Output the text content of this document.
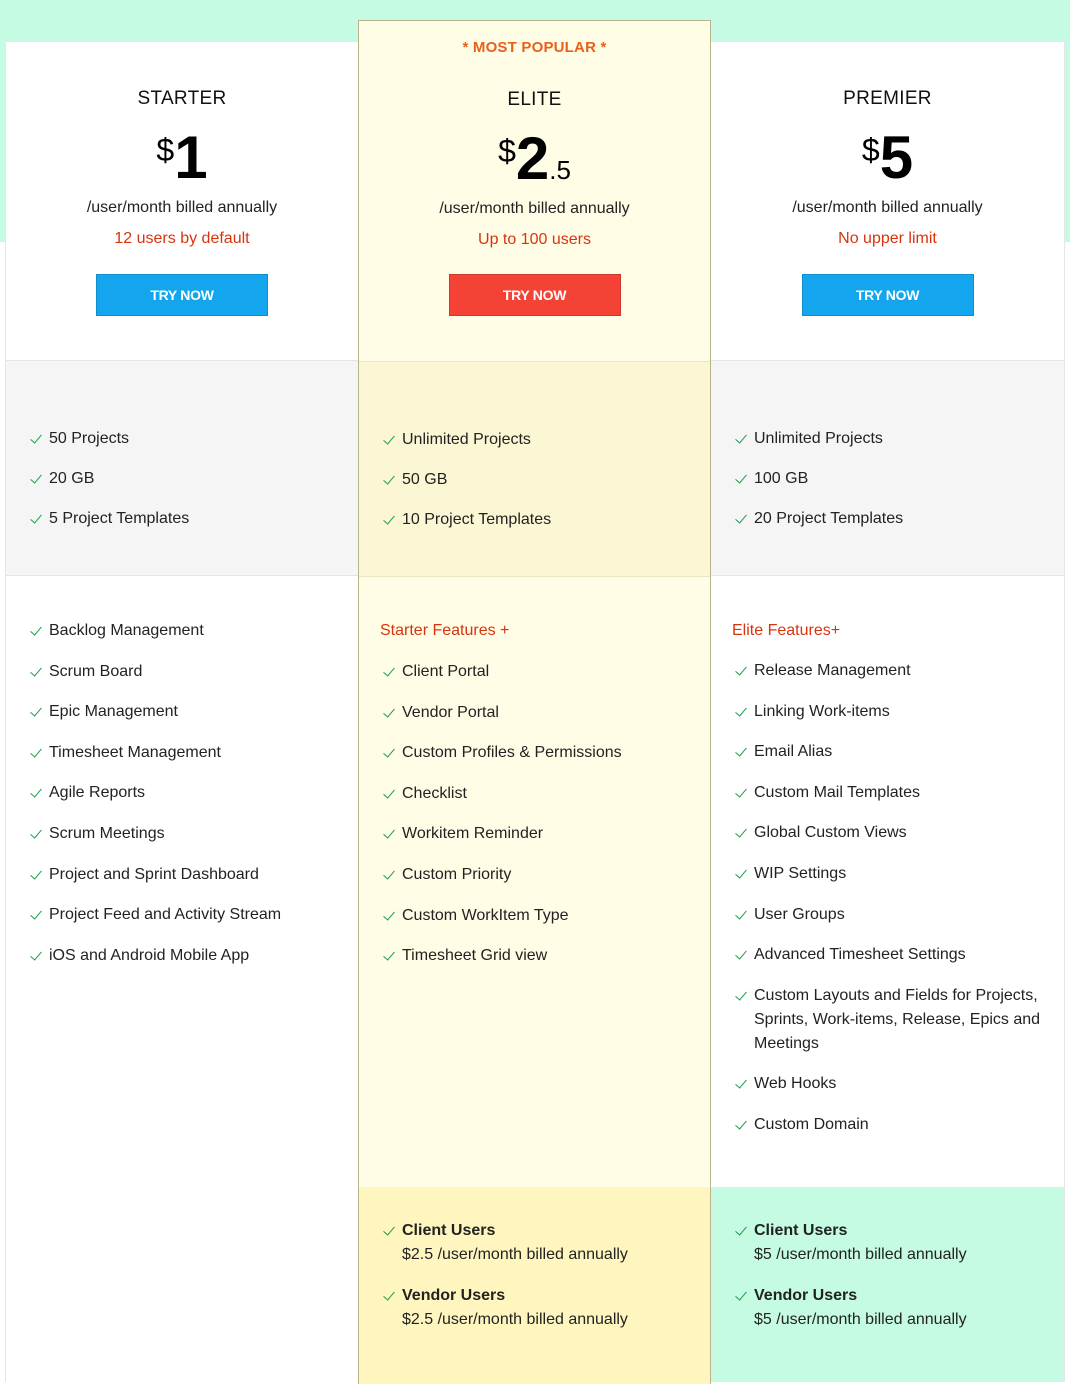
STARTER
$1
/user/month billed annually
12 users by default
TRY NOW
50 Projects
20 GB
5 Project Templates
Backlog Management
Scrum Board
Epic Management
Timesheet Management
Agile Reports
Scrum Meetings
Project and Sprint Dashboard
Project Feed and Activity Stream
iOS and Android Mobile App
* MOST POPULAR *
ELITE
$2.5
/user/month billed annually
Up to 100 users
TRY NOW
Unlimited Projects
50 GB
10 Project Templates
Starter Features +
Client Portal
Vendor Portal
Custom Profiles & Permissions
Checklist
Workitem Reminder
Custom Priority
Custom WorkItem Type
Timesheet Grid view
Client Users
$2.5 /user/month billed annually
Vendor Users
$2.5 /user/month billed annually
PREMIER
$5
/user/month billed annually
No upper limit
TRY NOW
Unlimited Projects
100 GB
20 Project Templates
Elite Features+
Release Management
Linking Work-items
Email Alias
Custom Mail Templates
Global Custom Views
WIP Settings
User Groups
Advanced Timesheet Settings
Custom Layouts and Fields for Projects, Sprints, Work-items, Release, Epics and Meetings
Web Hooks
Custom Domain
Client Users
$5 /user/month billed annually
Vendor Users
$5 /user/month billed annually
